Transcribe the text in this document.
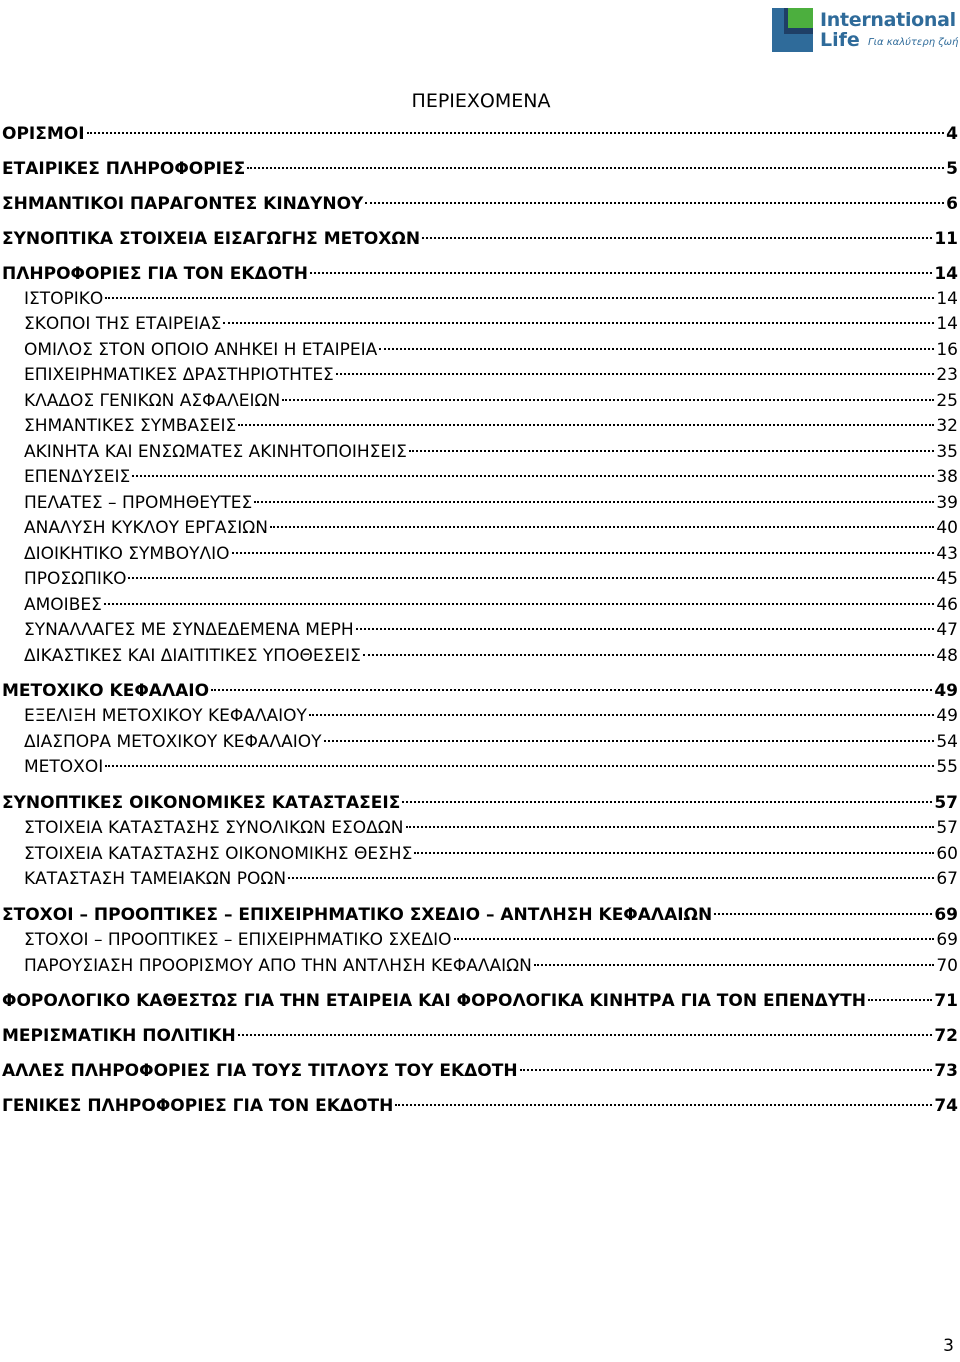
International
Life Για καλύτερη ζωή
ΠΕΡΙΕΧΟΜΕΝΑ
ΟΡΙΣΜΟΙ	4
ΕΤΑΙΡΙΚΕΣ ΠΛΗΡΟΦΟΡΙΕΣ	5
ΣΗΜΑΝΤΙΚΟΙ ΠΑΡΑΓΟΝΤΕΣ ΚΙΝΔΥΝΟΥ	6
ΣΥΝΟΠΤΙΚΑ ΣΤΟΙΧΕΙΑ ΕΙΣΑΓΩΓΗΣ ΜΕΤΟΧΩΝ	11
ΠΛΗΡΟΦΟΡΙΕΣ ΓΙΑ ΤΟΝ ΕΚΔΟΤΗ	14
ΙΣΤΟΡΙΚΟ	14
ΣΚΟΠΟΙ ΤΗΣ ΕΤΑΙΡΕΙΑΣ	14
ΟΜΙΛΟΣ ΣΤΟΝ ΟΠΟΙΟ ΑΝΗΚΕΙ Η ΕΤΑΙΡΕΙΑ	16
ΕΠΙΧΕΙΡΗΜΑΤΙΚΕΣ ΔΡΑΣΤΗΡΙΟΤΗΤΕΣ	23
ΚΛΑΔΟΣ ΓΕΝΙΚΩΝ ΑΣΦΑΛΕΙΩΝ	25
ΣΗΜΑΝΤΙΚΕΣ ΣΥΜΒΑΣΕΙΣ	32
ΑΚΙΝΗΤΑ ΚΑΙ ΕΝΣΩΜΑΤΕΣ ΑΚΙΝΗΤΟΠΟΙΗΣΕΙΣ	35
ΕΠΕΝΔΥΣΕΙΣ	38
ΠΕΛΑΤΕΣ – ΠΡΟΜΗΘΕΥΤΕΣ	39
ΑΝΑΛΥΣΗ ΚΥΚΛΟΥ ΕΡΓΑΣΙΩΝ	40
ΔΙΟΙΚΗΤΙΚΟ ΣΥΜΒΟΥΛΙΟ	43
ΠΡΟΣΩΠΙΚΟ	45
ΑΜΟΙΒΕΣ	46
ΣΥΝΑΛΛΑΓΕΣ ΜΕ ΣΥΝΔΕΔΕΜΕΝΑ ΜΕΡΗ	47
ΔΙΚΑΣΤΙΚΕΣ ΚΑΙ ΔΙΑΙΤΙΤΙΚΕΣ ΥΠΟΘΕΣΕΙΣ	48
ΜΕΤΟΧΙΚΟ ΚΕΦΑΛΑΙΟ	49
ΕΞΕΛΙΞΗ ΜΕΤΟΧΙΚΟΥ ΚΕΦΑΛΑΙΟΥ	49
ΔΙΑΣΠΟΡΑ ΜΕΤΟΧΙΚΟΥ ΚΕΦΑΛΑΙΟΥ	54
ΜΕΤΟΧΟΙ	55
ΣΥΝΟΠΤΙΚΕΣ ΟΙΚΟΝΟΜΙΚΕΣ ΚΑΤΑΣΤΑΣΕΙΣ	57
ΣΤΟΙΧΕΙΑ ΚΑΤΑΣΤΑΣΗΣ ΣΥΝΟΛΙΚΩΝ ΕΣΟΔΩΝ	57
ΣΤΟΙΧΕΙΑ ΚΑΤΑΣΤΑΣΗΣ ΟΙΚΟΝΟΜΙΚΗΣ ΘΕΣΗΣ	60
ΚΑΤΑΣΤΑΣΗ ΤΑΜΕΙΑΚΩΝ ΡΟΩΝ	67
ΣΤΟΧΟΙ – ΠΡΟΟΠΤΙΚΕΣ – ΕΠΙΧΕΙΡΗΜΑΤΙΚΟ ΣΧΕΔΙΟ – ΑΝΤΛΗΣΗ ΚΕΦΑΛΑΙΩΝ	69
ΣΤΟΧΟΙ – ΠΡΟΟΠΤΙΚΕΣ – ΕΠΙΧΕΙΡΗΜΑΤΙΚΟ ΣΧΕΔΙΟ	69
ΠΑΡΟΥΣΙΑΣΗ ΠΡΟΟΡΙΣΜΟΥ ΑΠΟ ΤΗΝ ΑΝΤΛΗΣΗ ΚΕΦΑΛΑΙΩΝ	70
ΦΟΡΟΛΟΓΙΚΟ ΚΑΘΕΣΤΩΣ ΓΙΑ ΤΗΝ ΕΤΑΙΡΕΙΑ ΚΑΙ ΦΟΡΟΛΟΓΙΚΑ ΚΙΝΗΤΡΑ ΓΙΑ ΤΟΝ ΕΠΕΝΔΥΤΗ	71
ΜΕΡΙΣΜΑΤΙΚΗ ΠΟΛΙΤΙΚΗ	72
ΑΛΛΕΣ ΠΛΗΡΟΦΟΡΙΕΣ ΓΙΑ ΤΟΥΣ ΤΙΤΛΟΥΣ ΤΟΥ ΕΚΔΟΤΗ	73
ΓΕΝΙΚΕΣ ΠΛΗΡΟΦΟΡΙΕΣ ΓΙΑ ΤΟΝ ΕΚΔΟΤΗ	74
3
